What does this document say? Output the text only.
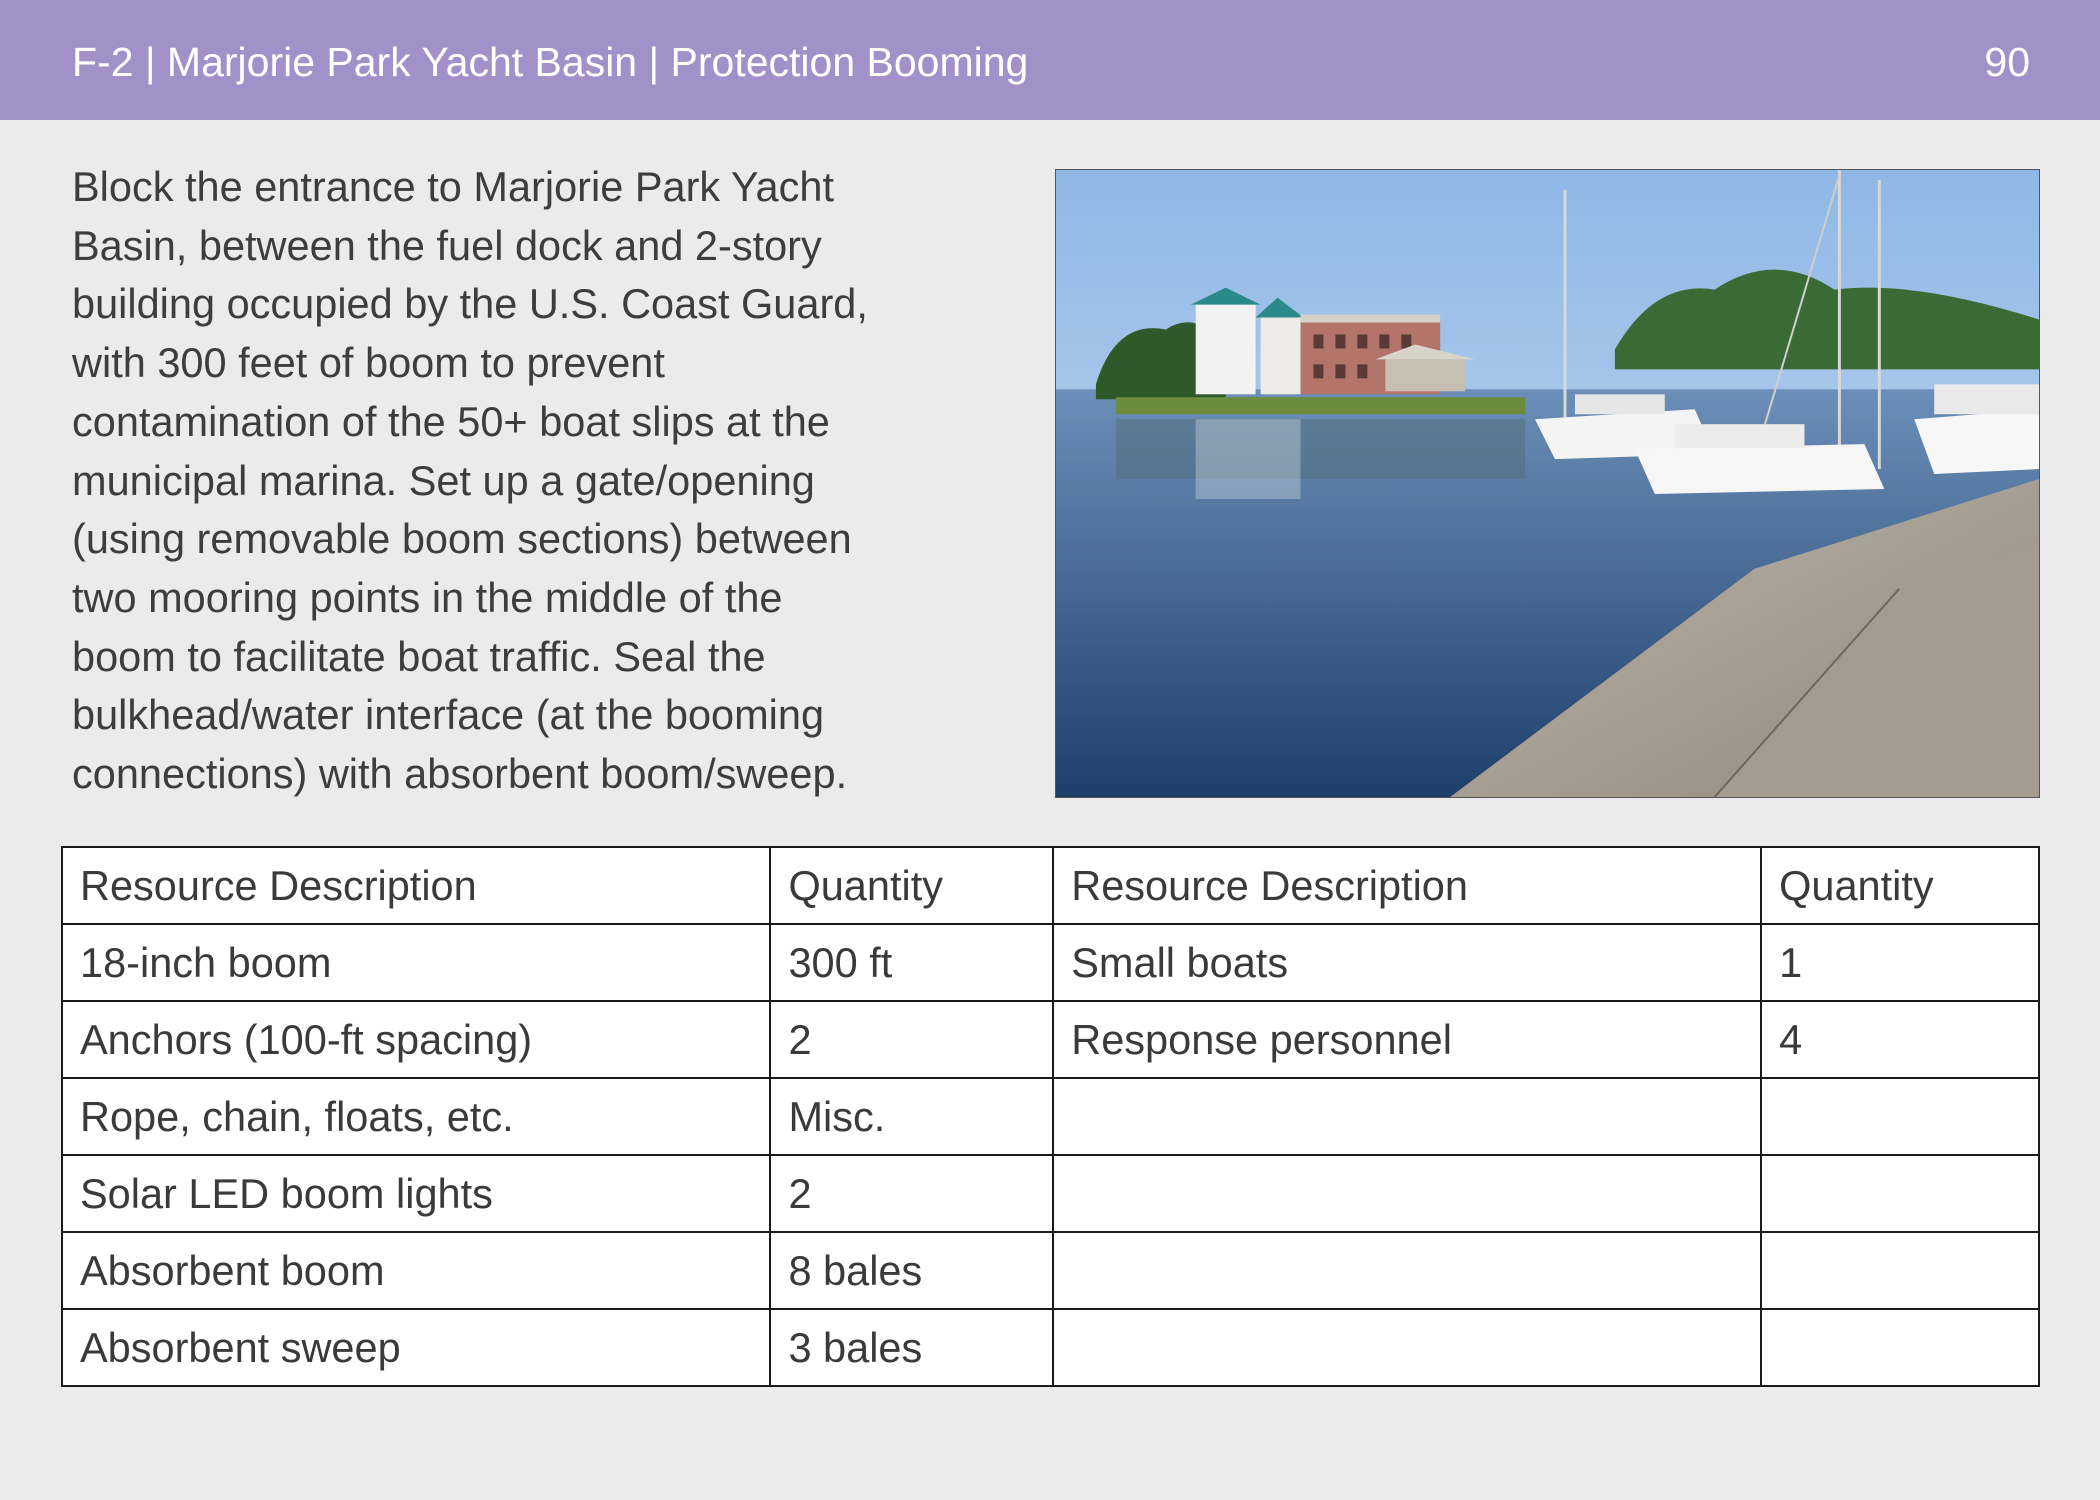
F-2 | Marjorie Park Yacht Basin | Protection Booming	90
Block the entrance to Marjorie Park Yacht
Basin, between the fuel dock and 2-story
building occupied by the U.S. Coast Guard,
with 300 feet of boom to prevent
contamination of the 50+ boat slips at the
municipal marina. Set up a gate/opening
(using removable boom sections) between
two mooring points in the middle of the
boom to facilitate boat traffic. Seal the
bulkhead/water interface (at the booming
connections) with absorbent boom/sweep.
Resource Description	Quantity	Resource Description	Quantity
18-inch boom	300 ft	Small boats	1
Anchors (100-ft spacing)	2	Response personnel	4
Rope, chain, floats, etc.	Misc.		
Solar LED boom lights	2		
Absorbent boom	8 bales		
Absorbent sweep	3 bales		
